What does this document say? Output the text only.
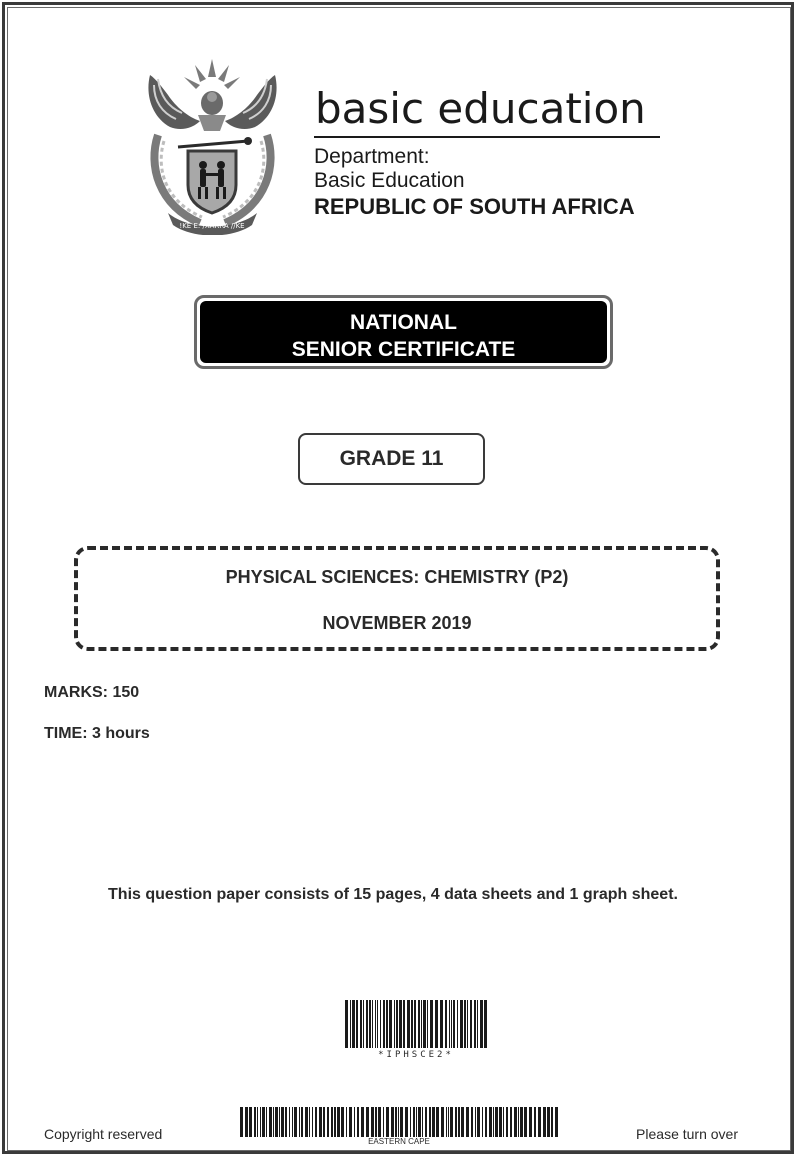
!KE E: /XARRA //KE
basic education
Department:
Basic Education
REPUBLIC OF SOUTH AFRICA
NATIONAL
SENIOR CERTIFICATE
GRADE 11
PHYSICAL SCIENCES: CHEMISTRY (P2)
NOVEMBER 2019
MARKS: 150
TIME: 3 hours
This question paper consists of 15 pages, 4 data sheets and 1 graph sheet.
*IPHSCE2*
EASTERN CAPE
Copyright reserved	Please turn over
